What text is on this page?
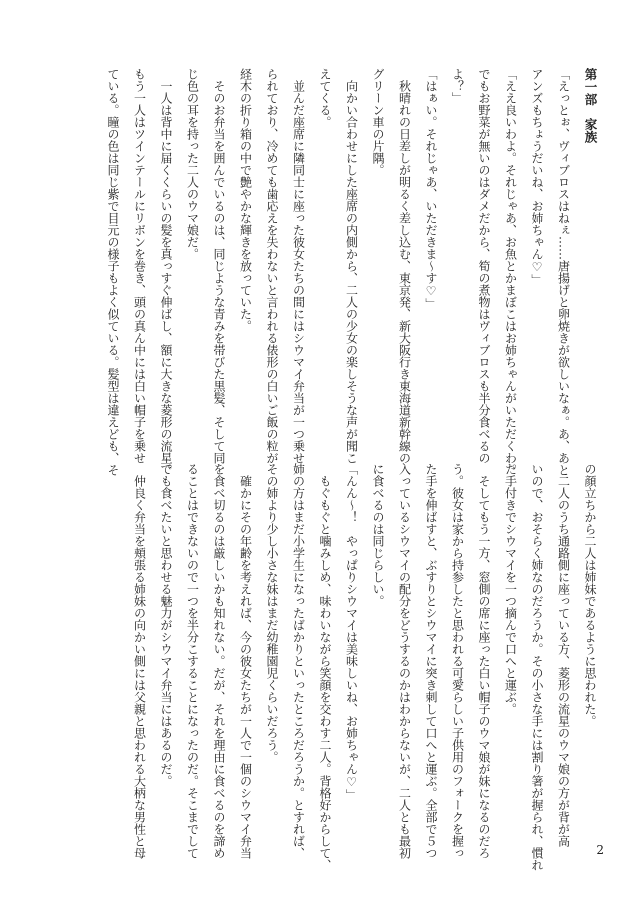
第一部　家族
「えっとぉ、ヴィブロスはねぇ……唐揚げと卵焼きが欲しいなぁ。あ、あと
アンズもちょうだいね、お姉ちゃん♡」
「ええ良いわよ。それじゃあ、お魚とかまぼこはお姉ちゃんがいただくわ。
でもお野菜が無いのはダメだから、筍の煮物はヴィブロスも半分食べるの
よ？」
「はぁい。それじゃあ、いただきま〜す♡」
　秋晴れの日差しが明るく差し込む、東京発、新大阪行き東海道新幹線の
グリーン車の片隅。
　向かい合わせにした座席の内側から、二人の少女の楽しそうな声が聞こ
えてくる。
　並んだ座席に隣同士に座った彼女たちの間にはシウマイ弁当が一つ乗せ
られており、冷めても歯応えを失わないと言われる俵形の白いご飯の粒が
経木の折り箱の中で艶やかな輝きを放っていた。
　そのお弁当を囲んでいるのは、同じような青みを帯びた黒髪、そして同
じ色の耳を持った二人のウマ娘だ。
　一人は背中に届くくらいの髪を真っすぐ伸ばし、額に大きな菱形の流星。
もう一人はツインテールにリボンを巻き、頭の真ん中には白い帽子を乗せ
ている。瞳の色は同じ紫で目元の様子もよく似ている。髪型は違えども、そ
の顔立ちから二人は姉妹であるように思われた。
　二人のうち通路側に座っている方、菱形の流星のウマ娘の方が背が高
いので、おそらく姉なのだろうか。その小さな手には割り箸が握られ、慣れ
た手付きでシウマイを一つ摘んで口へと運ぶ。
　そしてもう一方、窓側の席に座った白い帽子のウマ娘が妹になるのだろ
う。彼女は家から持参したと思われる可愛らしい子供用のフォークを握っ
た手を伸ばすと、ぶすりとシウマイに突き刺して口へと運ぶ。全部で５つ
入っているシウマイの配分をどうするのかはわからないが、二人とも最初
に食べるのは同じらしい。
「んん〜！　やっぱりシウマイは美味しいね、お姉ちゃん♡」
　もぐもぐと噛みしめ、味わいながら笑顔を交わす二人。背格好からして、
姉の方はまだ小学生になったばかりといったところだろうか。とすれば、
その姉より少し小さな妹はまだ幼稚園児くらいだろう。
　確かにその年齢を考えれば、今の彼女たちが一人で一個のシウマイ弁当
を食べ切るのは厳しいかも知れない。だが、それを理由に食べるのを諦め
ることはできないので一つを半分こすることになったのだ。そこまでして
でも食べたいと思わせる魅力がシウマイ弁当にはあるのだ。
　仲良く弁当を頬張る姉妹の向かい側には父親と思われる大柄な男性と母	2
